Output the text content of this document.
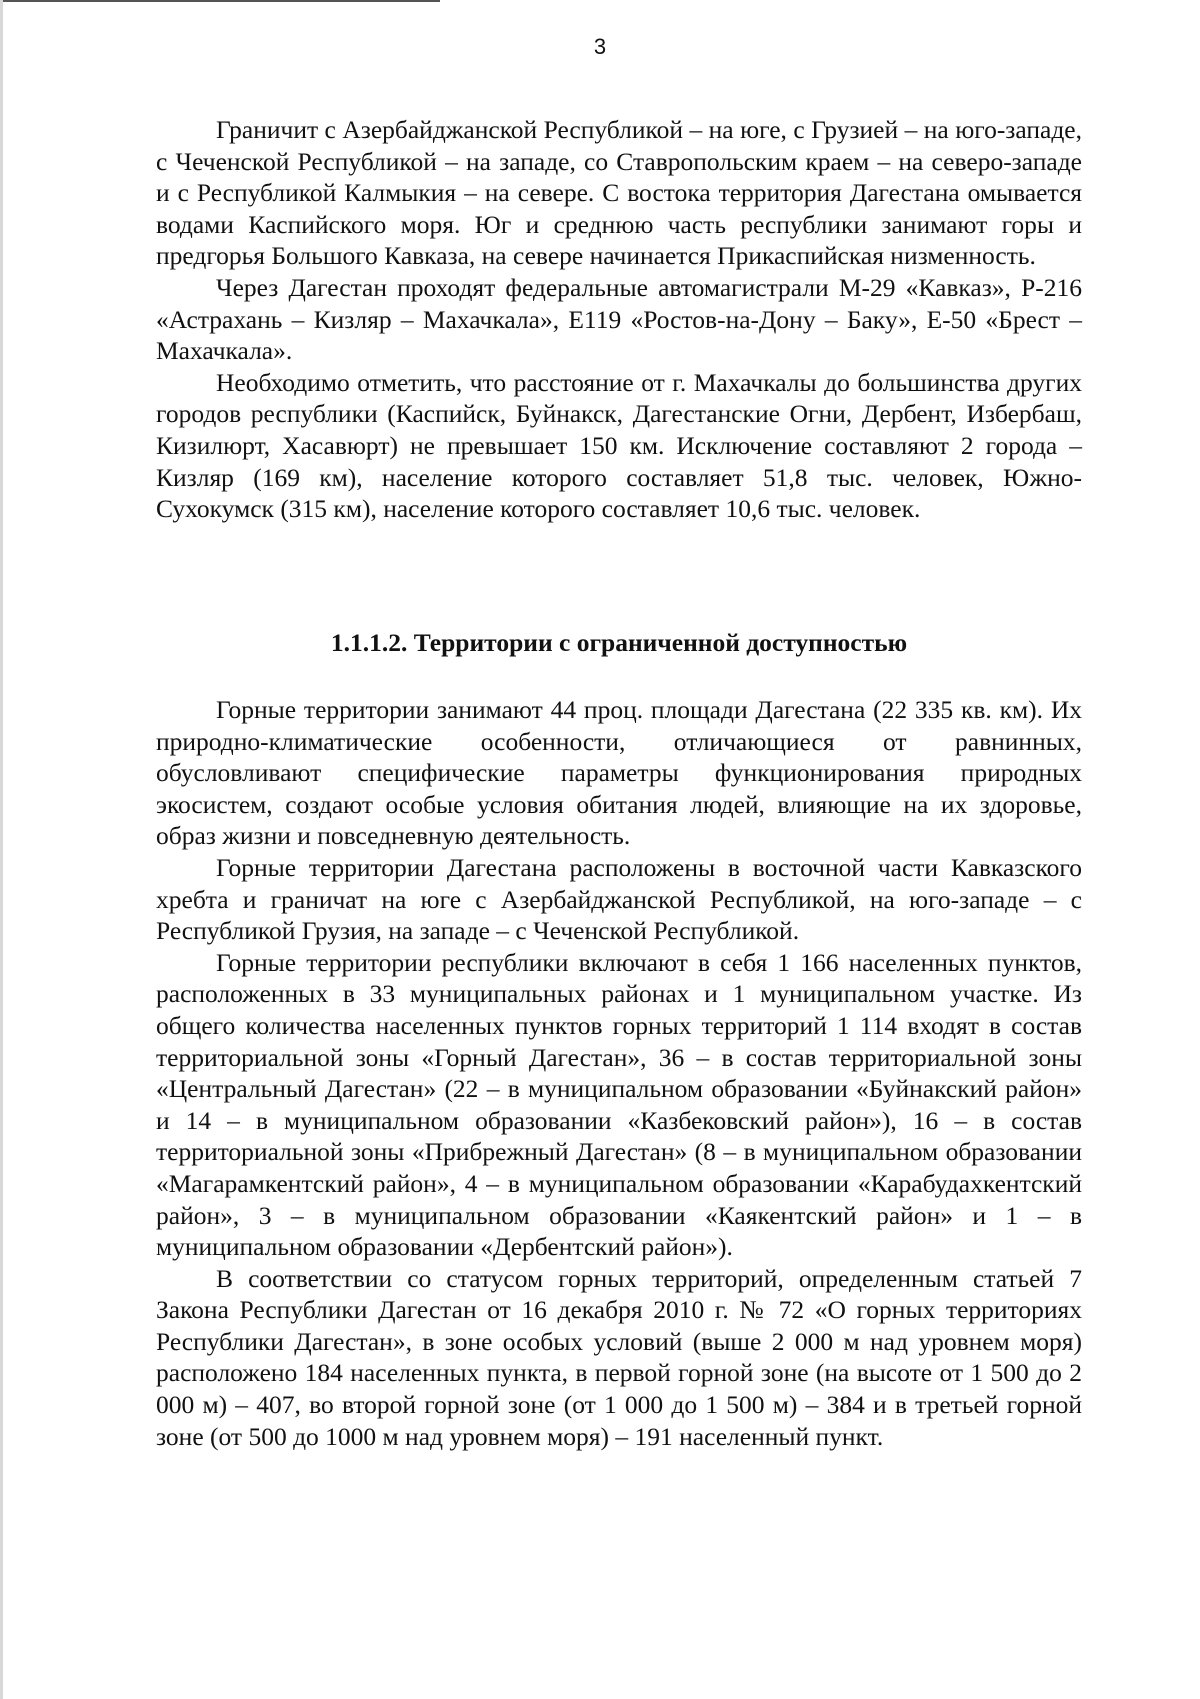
3

Граничит с Азербайджанской Республикой – на юге, с Грузией – на юго-западе, с Чеченской Республикой – на западе, со Ставропольским краем – на северо-западе и с Республикой Калмыкия – на севере. С востока территория Дагестана омывается водами Каспийского моря. Юг и среднюю часть республики занимают горы и предгорья Большого Кавказа, на севере начинается Прикаспийская низменность.

Через Дагестан проходят федеральные автомагистрали М-29 «Кавказ», Р-216 «Астрахань – Кизляр – Махачкала», Е119 «Ростов-на-Дону – Баку», Е-50 «Брест – Махачкала».

Необходимо отметить, что расстояние от г. Махачкалы до большинства других городов республики (Каспийск, Буйнакск, Дагестанские Огни, Дербент, Избербаш, Кизилюрт, Хасавюрт) не превышает 150 км. Исключение составляют 2 города – Кизляр (169 км), население которого составляет 51,8 тыс. человек, Южно-Сухокумск (315 км), население которого составляет 10,6 тыс. человек.

1.1.1.2. Территории с ограниченной доступностью

Горные территории занимают 44 проц. площади Дагестана (22 335 кв. км). Их природно-климатические особенности, отличающиеся от равнинных, обусловливают специфические параметры функционирования природных экосистем, создают особые условия обитания людей, влияющие на их здоровье, образ жизни и повседневную деятельность.

Горные территории Дагестана расположены в восточной части Кавказского хребта и граничат на юге с Азербайджанской Республикой, на юго-западе – с Республикой Грузия, на западе – с Чеченской Республикой.

Горные территории республики включают в себя 1 166 населенных пунктов, расположенных в 33 муниципальных районах и 1 муниципальном участке. Из общего количества населенных пунктов горных территорий 1 114 входят в состав территориальной зоны «Горный Дагестан», 36 – в состав территориальной зоны «Центральный Дагестан» (22 – в муниципальном образовании «Буйнакский район» и 14 – в муниципальном образовании «Казбековский район»), 16 – в состав территориальной зоны «Прибрежный Дагестан» (8 – в муниципальном образовании «Магарамкентский район», 4 – в муниципальном образовании «Карабудахкентский район», 3 – в муниципальном образовании «Каякентский район» и 1 – в муниципальном образовании «Дербентский район»).

В соответствии со статусом горных территорий, определенным статьей 7 Закона Республики Дагестан от 16 декабря 2010 г. № 72 «О горных территориях Республики Дагестан», в зоне особых условий (выше 2 000 м над уровнем моря) расположено 184 населенных пункта, в первой горной зоне (на высоте от 1 500 до 2 000 м) – 407, во второй горной зоне (от 1 000 до 1 500 м) – 384 и в третьей горной зоне (от 500 до 1000 м над уровнем моря) – 191 населенный пункт.
